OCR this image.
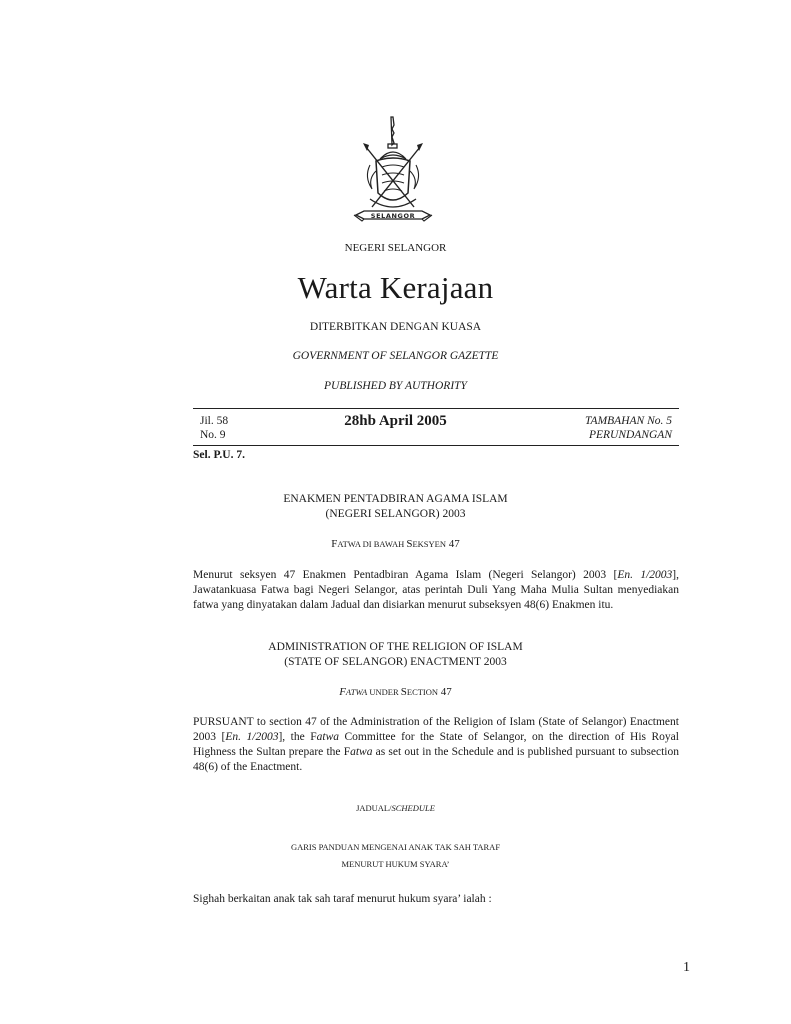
SELANGOR
NEGERI SELANGOR
Warta Kerajaan
DITERBITKAN DENGAN KUASA
GOVERNMENT OF SELANGOR GAZETTE
PUBLISHED BY AUTHORITY
Jil. 58
No. 9
28hb April 2005	TAMBAHAN No. 5
PERUNDANGAN
Sel. P.U. 7.
ENAKMEN PENTADBIRAN AGAMA ISLAM
(NEGERI SELANGOR) 2003
FATWA DI BAWAH SEKSYEN 47
Menurut seksyen 47 Enakmen Pentadbiran Agama Islam (Negeri Selangor) 2003 [En. 1/2003], Jawatankuasa Fatwa bagi Negeri Selangor, atas perintah Duli Yang Maha Mulia Sultan menyediakan fatwa yang dinyatakan dalam Jadual dan disiarkan menurut subseksyen 48(6) Enakmen itu.
ADMINISTRATION OF THE RELIGION OF ISLAM
(STATE OF SELANGOR) ENACTMENT 2003
FATWA UNDER SECTION 47
PURSUANT to section 47 of the Administration of the Religion of Islam (State of Selangor) Enactment 2003 [En. 1/2003], the Fatwa Committee for the State of Selangor, on the direction of His Royal Highness the Sultan prepare the Fatwa as set out in the Schedule and is published pursuant to subsection 48(6) of the Enactment.
JADUAL/SCHEDULE
GARIS PANDUAN MENGENAI ANAK TAK SAH TARAF
MENURUT HUKUM SYARA’
Sighah berkaitan anak tak sah taraf menurut hukum syara’ ialah :
1
